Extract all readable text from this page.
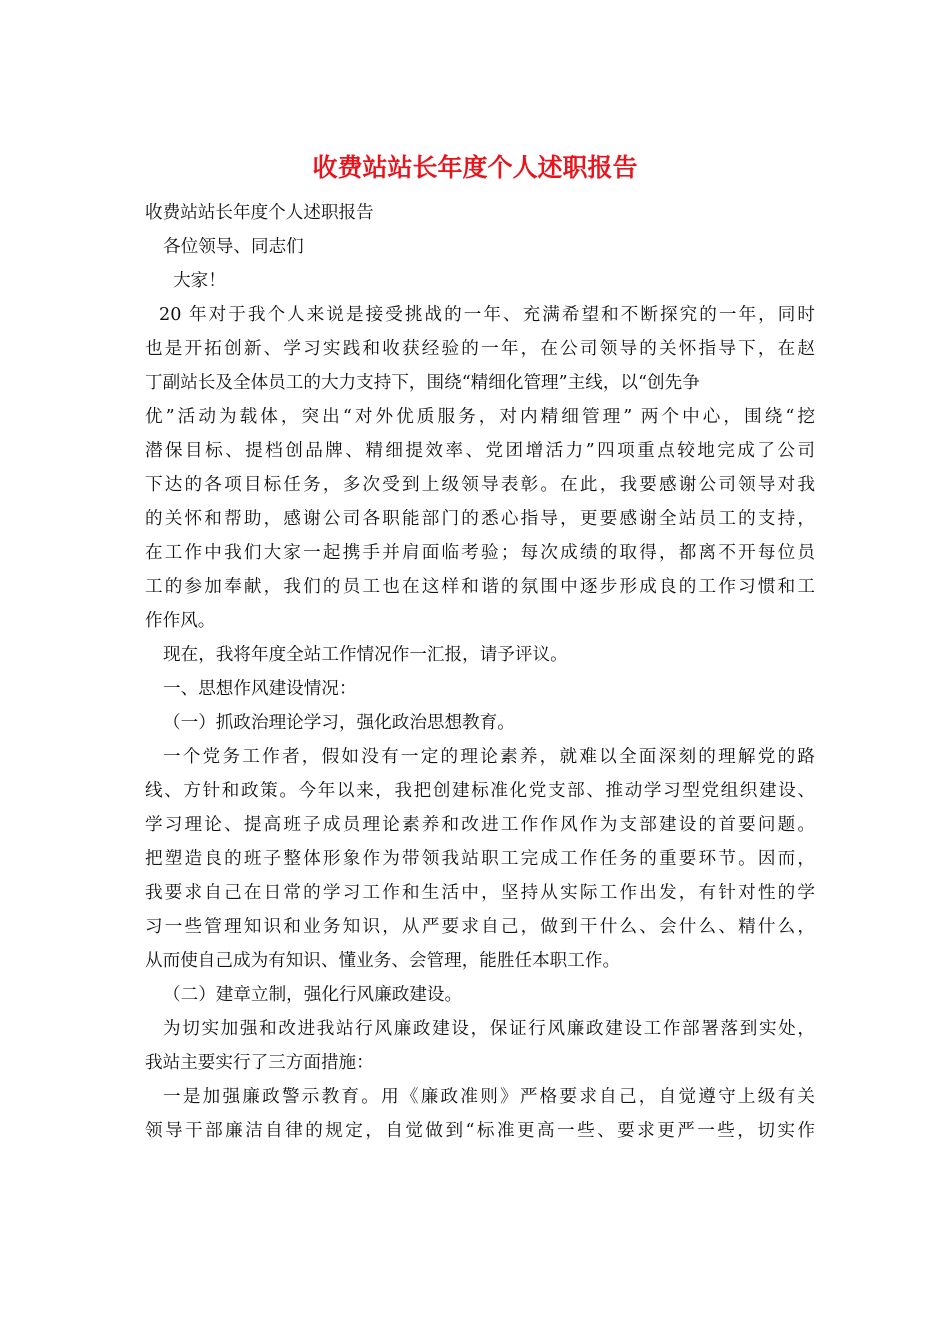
收费站站长年度个人述职报告
收费站站长年度个人述职报告
各位领导、同志们
大家！
20 年对于我个人来说是接受挑战的一年、充满希望和不断探究的一年，同时
也是开拓创新、学习实践和收获经验的一年，在公司领导的关怀指导下，在赵
丁副站长及全体员工的大力支持下，围绕“精细化管理”主线，以“创先争
优”活动为载体，突出“对外优质服务，对内精细管理” 两个中心，围绕“挖
潜保目标、提档创品牌、精细提效率、党团增活力”四项重点较地完成了公司
下达的各项目标任务，多次受到上级领导表彰。在此，我要感谢公司领导对我
的关怀和帮助，感谢公司各职能部门的悉心指导，更要感谢全站员工的支持，
在工作中我们大家一起携手并肩面临考验；每次成绩的取得，都离不开每位员
工的参加奉献，我们的员工也在这样和谐的氛围中逐步形成良的工作习惯和工
作作风。
现在，我将年度全站工作情况作一汇报，请予评议。
一、思想作风建设情况：
（一）抓政治理论学习，强化政治思想教育。
一个党务工作者，假如没有一定的理论素养，就难以全面深刻的理解党的路
线、方针和政策。今年以来，我把创建标准化党支部、推动学习型党组织建设、
学习理论、提高班子成员理论素养和改进工作作风作为支部建设的首要问题。
把塑造良的班子整体形象作为带领我站职工完成工作任务的重要环节。因而，
我要求自己在日常的学习工作和生活中，坚持从实际工作出发，有针对性的学
习一些管理知识和业务知识，从严要求自己，做到干什么、会什么、精什么，
从而使自己成为有知识、懂业务、会管理，能胜任本职工作。
（二）建章立制，强化行风廉政建设。
为切实加强和改进我站行风廉政建设，保证行风廉政建设工作部署落到实处，
我站主要实行了三方面措施：
一是加强廉政警示教育。用《廉政准则》严格要求自己，自觉遵守上级有关
领导干部廉洁自律的规定，自觉做到“标准更高一些、要求更严一些，切实作
